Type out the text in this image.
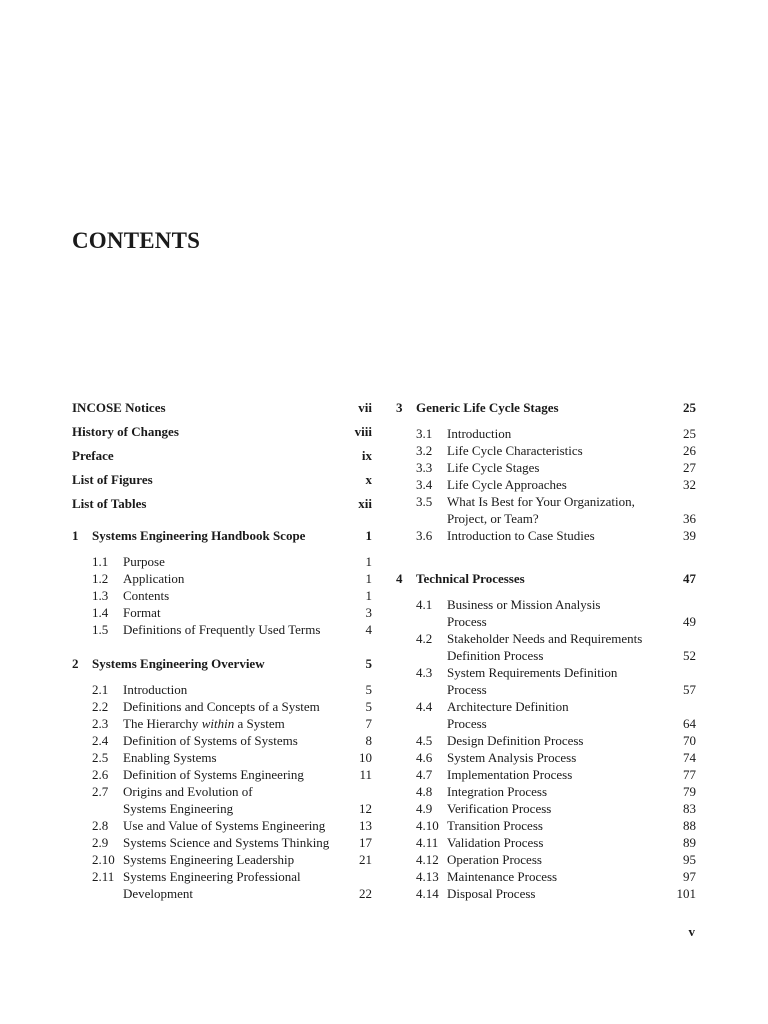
CONTENTS
INCOSE Notices	vii
History of Changes	viii
Preface	ix
List of Figures	x
List of Tables	xii
1 Systems Engineering Handbook Scope	1
1.1 Purpose	1
1.2 Application	1
1.3 Contents	1
1.4 Format	3
1.5 Definitions of Frequently Used Terms	4
2 Systems Engineering Overview	5
2.1 Introduction	5
2.2 Definitions and Concepts of a System	5
2.3 The Hierarchy within a System	7
2.4 Definition of Systems of Systems	8
2.5 Enabling Systems	10
2.6 Definition of Systems Engineering	11
2.7 Origins and Evolution of
Systems Engineering	12
2.8 Use and Value of Systems Engineering	13
2.9 Systems Science and Systems Thinking 17
2.10 Systems Engineering Leadership	21
2.11 Systems Engineering Professional
Development	22
3 Generic Life Cycle Stages	25
3.1 Introduction	25
3.2 Life Cycle Characteristics	26
3.3 Life Cycle Stages	27
3.4 Life Cycle Approaches	32
3.5 What Is Best for Your Organization,
Project, or Team?	36
3.6 Introduction to Case Studies	39
4 Technical Processes	47
4.1 Business or Mission Analysis
Process	49
4.2 Stakeholder Needs and Requirements
Definition Process	52
4.3 System Requirements Definition
Process	57
4.4 Architecture Definition
Process	64
4.5 Design Definition Process	70
4.6 System Analysis Process	74
4.7 Implementation Process	77
4.8 Integration Process	79
4.9 Verification Process	83
4.10 Transition Process	88
4.11 Validation Process	89
4.12 Operation Process	95
4.13 Maintenance Process	97
4.14 Disposal Process	101
v
